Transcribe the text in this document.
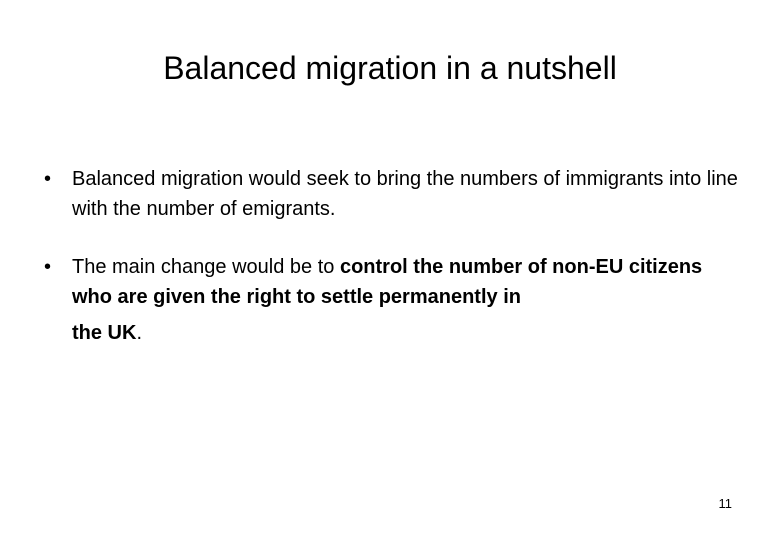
Balanced migration in a nutshell
•	Balanced migration would seek to bring the numbers of immigrants into line with the number of emigrants.
•	The main change would be to control the number of non-EU citizens who are given the right to settle permanently in
the UK.
11
